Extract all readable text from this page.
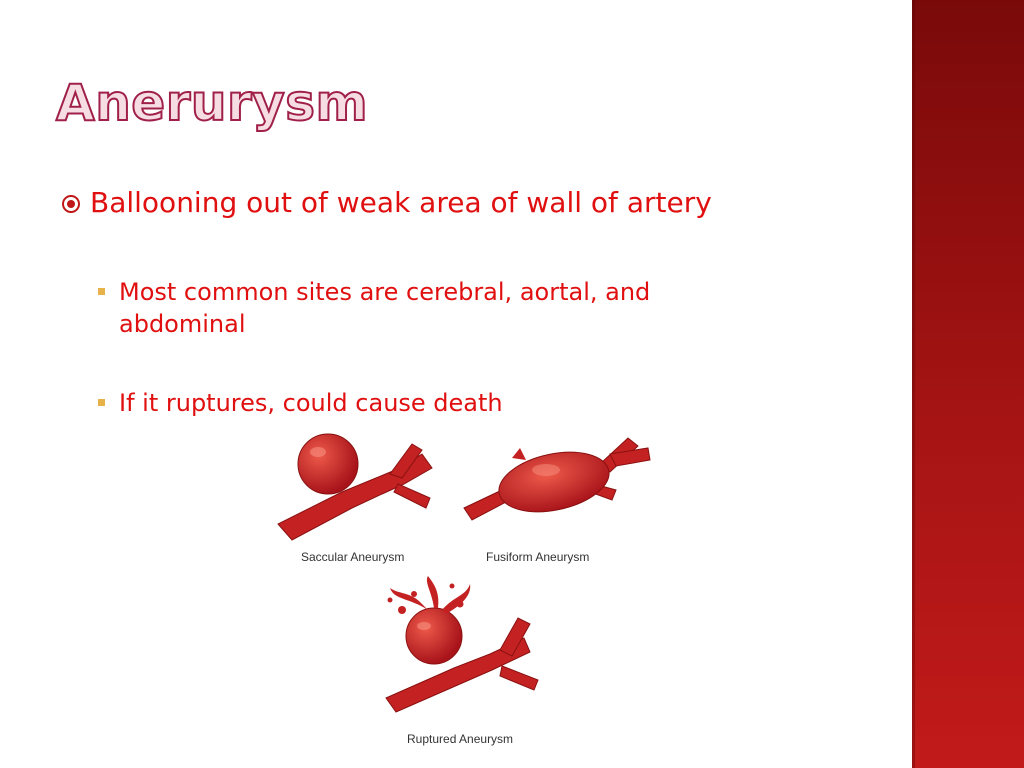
Anerurysm
Ballooning out of weak area of wall of artery
Most common sites are cerebral, aortal, and abdominal
If it ruptures, could cause death
Saccular Aneurysm	Fusiform Aneurysm
Ruptured Aneurysm
